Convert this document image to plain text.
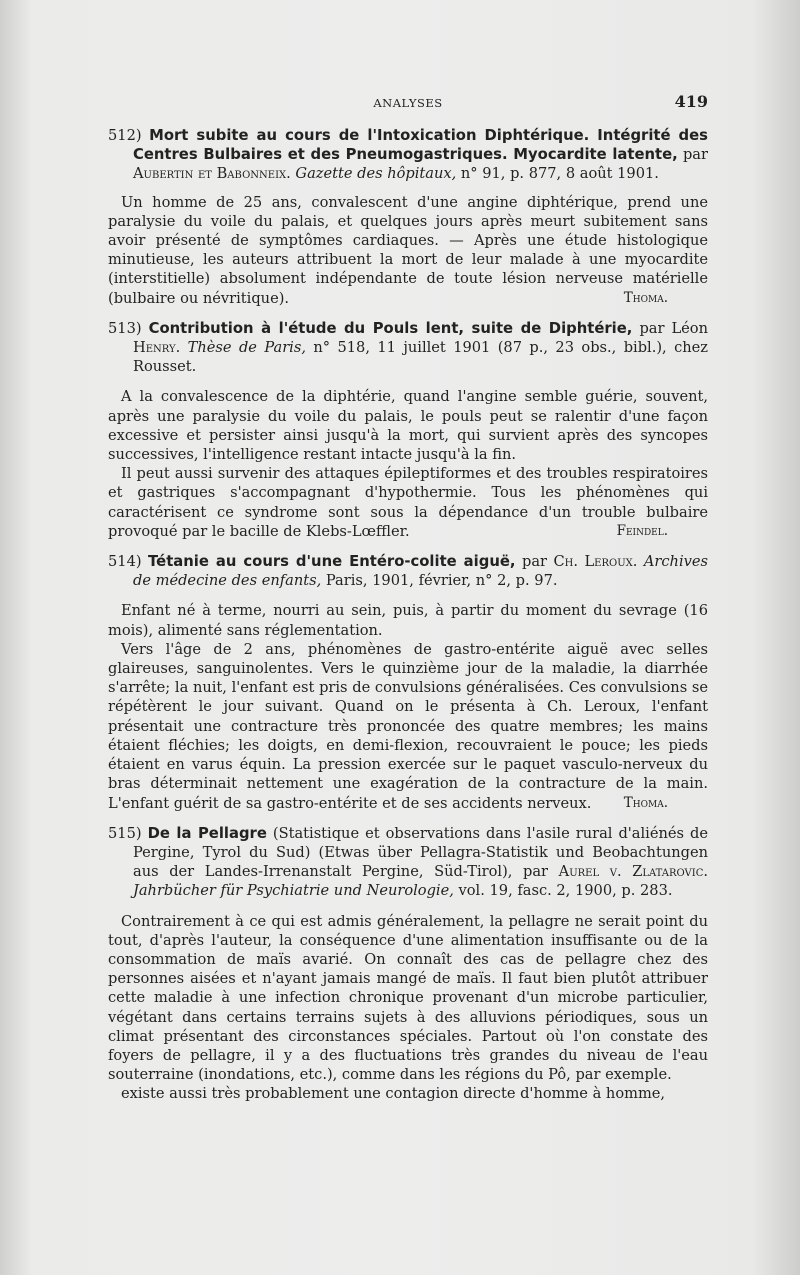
ANALYSES	419

512) Mort subite au cours de l'Intoxication Diphtérique. Intégrité des Centres Bulbaires et des Pneumogastriques. Myocardite latente, par Aubertin et Babonneix. Gazette des hôpitaux, n° 91, p. 877, 8 août 1901.

Un homme de 25 ans, convalescent d'une angine diphtérique, prend une paralysie du voile du palais, et quelques jours après meurt subitement sans avoir présenté de symptômes cardiaques. — Après une étude histologique minutieuse, les auteurs attribuent la mort de leur malade à une myocardite (interstitielle) absolument indépendante de toute lésion nerveuse matérielle (bulbaire ou névritique).	Thoma.

513) Contribution à l'étude du Pouls lent, suite de Diphtérie, par Léon Henry. Thèse de Paris, n° 518, 11 juillet 1901 (87 p., 23 obs., bibl.), chez Rousset.

A la convalescence de la diphtérie, quand l'angine semble guérie, souvent, après une paralysie du voile du palais, le pouls peut se ralentir d'une façon excessive et persister ainsi jusqu'à la mort, qui survient après des syncopes successives, l'intelligence restant intacte jusqu'à la fin.

Il peut aussi survenir des attaques épileptiformes et des troubles respiratoires et gastriques s'accompagnant d'hypothermie. Tous les phénomènes qui caractérisent ce syndrome sont sous la dépendance d'un trouble bulbaire provoqué par le bacille de Klebs-Lœffler.	Feindel.

514) Tétanie au cours d'une Entéro-colite aiguë, par Ch. Leroux. Archives de médecine des enfants, Paris, 1901, février, n° 2, p. 97.

Enfant né à terme, nourri au sein, puis, à partir du moment du sevrage (16 mois), alimenté sans réglementation.

Vers l'âge de 2 ans, phénomènes de gastro-entérite aiguë avec selles glaireuses, sanguinolentes. Vers le quinzième jour de la maladie, la diarrhée s'arrête; la nuit, l'enfant est pris de convulsions généralisées. Ces convulsions se répétèrent le jour suivant. Quand on le présenta à Ch. Leroux, l'enfant présentait une contracture très prononcée des quatre membres; les mains étaient fléchies; les doigts, en demi-flexion, recouvraient le pouce; les pieds étaient en varus équin. La pression exercée sur le paquet vasculo-nerveux du bras déterminait nettement une exagération de la contracture de la main. L'enfant guérit de sa gastro-entérite et de ses accidents nerveux.	Thoma.

515) De la Pellagre (Statistique et observations dans l'asile rural d'aliénés de Pergine, Tyrol du Sud) (Etwas über Pellagra-Statistik und Beobachtungen aus der Landes-Irrenanstalt Pergine, Süd-Tirol), par Aurel v. Zlatarovic. Jahrbücher für Psychiatrie und Neurologie, vol. 19, fasc. 2, 1900, p. 283.

Contrairement à ce qui est admis généralement, la pellagre ne serait point du tout, d'après l'auteur, la conséquence d'une alimentation insuffisante ou de la consommation de maïs avarié. On connaît des cas de pellagre chez des personnes aisées et n'ayant jamais mangé de maïs. Il faut bien plutôt attribuer cette maladie à une infection chronique provenant d'un microbe particulier, végétant dans certains terrains sujets à des alluvions périodiques, sous un climat présentant des circonstances spéciales. Partout où l'on constate des foyers de pellagre, il y a des fluctuations très grandes du niveau de l'eau souterraine (inondations, etc.), comme dans les régions du Pô, par exemple.

existe aussi très probablement une contagion directe d'homme à homme,
